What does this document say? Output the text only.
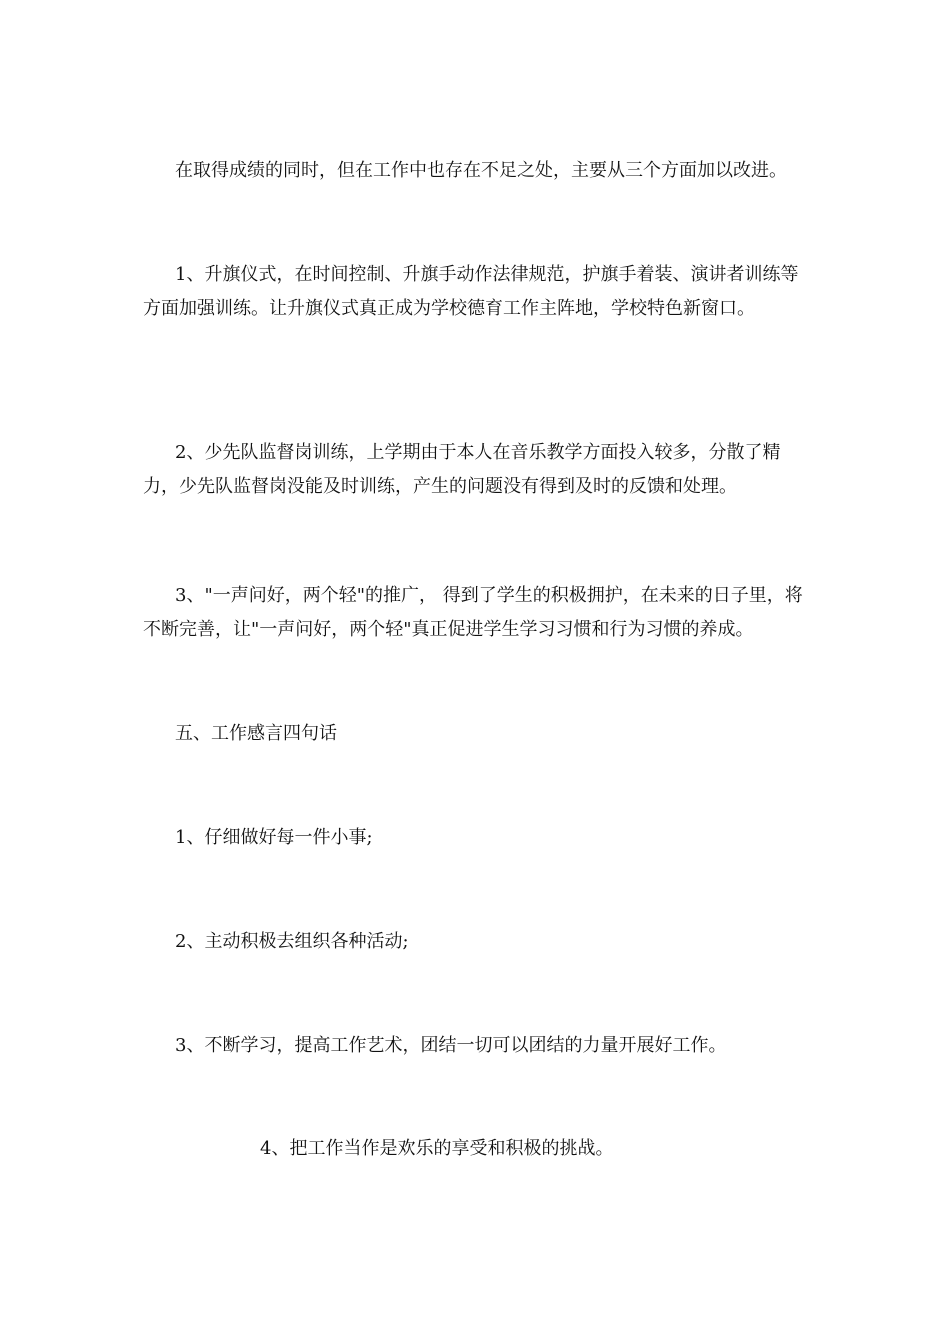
在取得成绩的同时，但在工作中也存在不足之处，主要从三个方面加以改进。

1、升旗仪式，在时间控制、升旗手动作法律规范，护旗手着装、演讲者训练等方面加强训练。让升旗仪式真正成为学校德育工作主阵地，学校特色新窗口。

2、少先队监督岗训练，上学期由于本人在音乐教学方面投入较多，分散了精力，少先队监督岗没能及时训练，产生的问题没有得到及时的反馈和处理。

3、"一声问好，两个轻"的推广， 得到了学生的积极拥护，在未来的日子里，将不断完善，让"一声问好，两个轻"真正促进学生学习习惯和行为习惯的养成。

五、工作感言四句话

1、仔细做好每一件小事;

2、主动积极去组织各种活动;

3、不断学习，提高工作艺术，团结一切可以团结的力量开展好工作。

4、把工作当作是欢乐的享受和积极的挑战。
